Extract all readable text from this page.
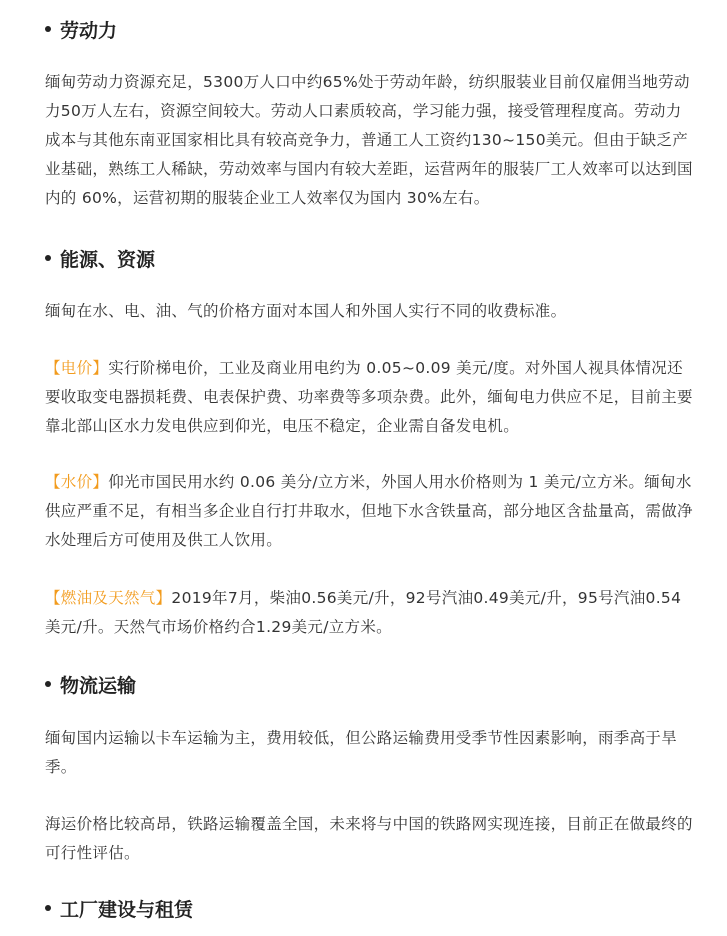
劳动力

缅甸劳动力资源充足，5300万人口中约65%处于劳动年龄，纺织服装业目前仅雇佣当地劳动力50万人左右，资源空间较大。劳动人口素质较高，学习能力强，接受管理程度高。劳动力成本与其他东南亚国家相比具有较高竞争力，普通工人工资约130~150美元。但由于缺乏产业基础，熟练工人稀缺，劳动效率与国内有较大差距，运营两年的服装厂工人效率可以达到国内的 60%，运营初期的服装企业工人效率仅为国内 30%左右。

能源、资源

缅甸在水、电、油、气的价格方面对本国人和外国人实行不同的收费标准。

【电价】实行阶梯电价，工业及商业用电约为 0.05~0.09 美元/度。对外国人视具体情况还要收取变电器损耗费、电表保护费、功率费等多项杂费。此外，缅甸电力供应不足，目前主要靠北部山区水力发电供应到仰光，电压不稳定，企业需自备发电机。

【水价】仰光市国民用水约 0.06 美分/立方米，外国人用水价格则为 1 美元/立方米。缅甸水供应严重不足，有相当多企业自行打井取水，但地下水含铁量高，部分地区含盐量高，需做净水处理后方可使用及供工人饮用。

【燃油及天然气】2019年7月，柴油0.56美元/升，92号汽油0.49美元/升，95号汽油0.54美元/升。天然气市场价格约合1.29美元/立方米。

物流运输

缅甸国内运输以卡车运输为主，费用较低，但公路运输费用受季节性因素影响，雨季高于旱季。

海运价格比较高昂，铁路运输覆盖全国，未来将与中国的铁路网实现连接，目前正在做最终的可行性评估。

工厂建设与租赁
